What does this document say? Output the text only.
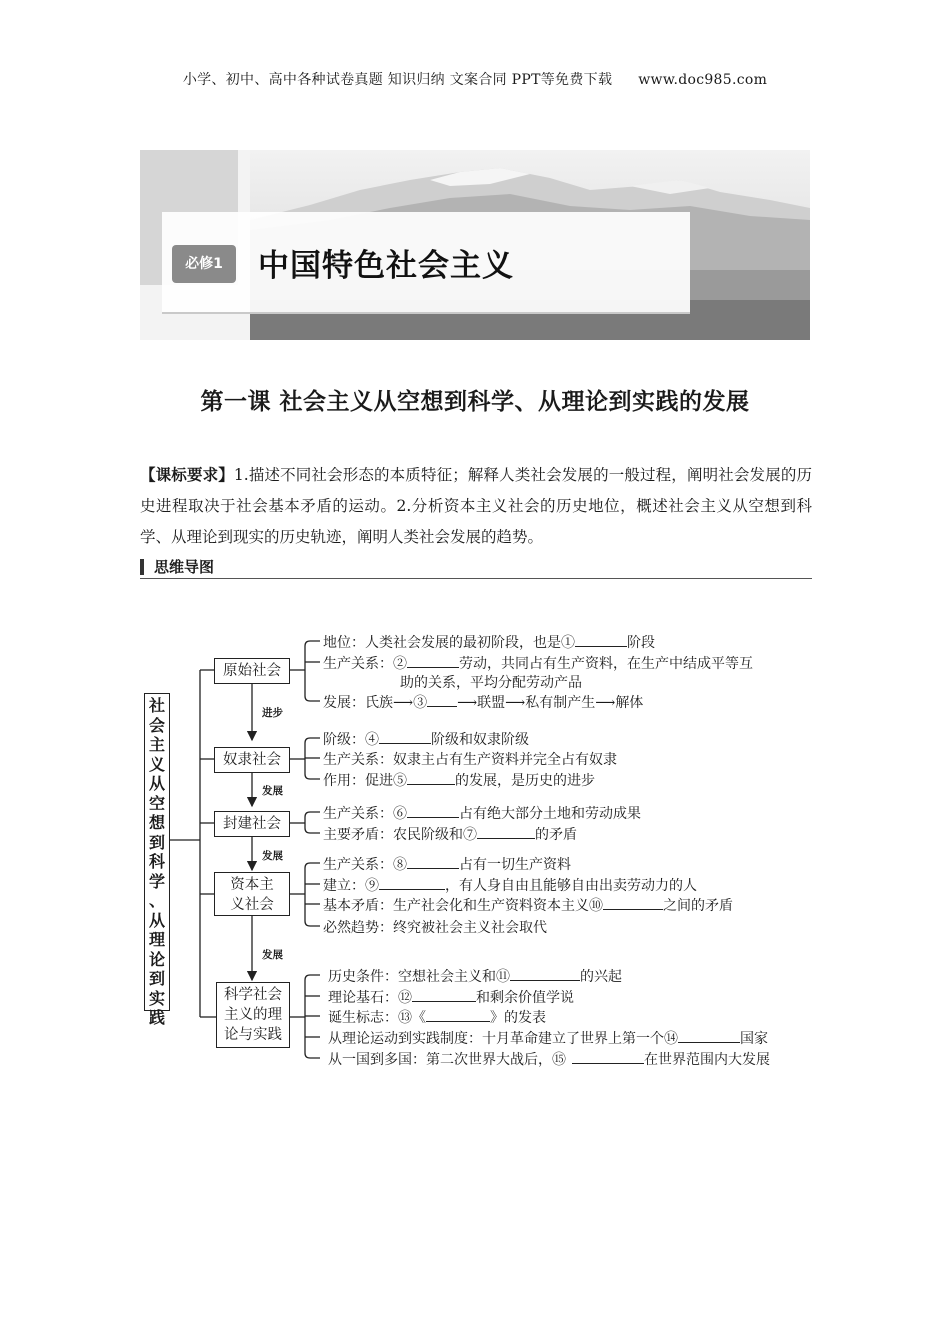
小学、初中、高中各种试卷真题 知识归纳 文案合同 PPT等免费下载 www.doc985.com
必修1	中国特色社会主义
第一课 社会主义从空想到科学、从理论到实践的发展
【课标要求】1.描述不同社会形态的本质特征；解释人类社会发展的一般过程，阐明社会发展的历史进程取决于社会基本矛盾的运动。2.分析资本主义社会的历史地位，概述社会主义从空想到科学、从理论到现实的历史轨迹，阐明人类社会发展的趋势。
思维导图
社
会
主
义
从
空
想
到
科
学
、
从
理
论
到
实
践
原始社会
奴隶社会
封建社会
资本主
义社会
科学社会
主义的理
论与实践
进步
发展
发展
发展
地位：人类社会发展的最初阶段，也是①	阶段
生产关系：②	劳动，共同占有生产资料，在生产中结成平等互
助的关系，平均分配劳动产品
发展：氏族⟶③ ⟶联盟⟶私有制产生⟶解体
阶级：④	阶级和奴隶阶级
生产关系：奴隶主占有生产资料并完全占有奴隶
作用：促进⑤	的发展，是历史的进步
生产关系：⑥	占有绝大部分土地和劳动成果
主要矛盾：农民阶级和⑦	的矛盾
生产关系：⑧	占有一切生产资料
建立：⑨	，有人身自由且能够自由出卖劳动力的人
基本矛盾：生产社会化和生产资料资本主义⑩	之间的矛盾
必然趋势：终究被社会主义社会取代
历史条件：空想社会主义和⑪	的兴起
理论基石：⑫	和剩余价值学说
诞生标志：⑬《	》的发表
从理论运动到实践制度：十月革命建立了世界上第一个⑭	国家
从一国到多国：第二次世界大战后，⑮	在世界范围内大发展
